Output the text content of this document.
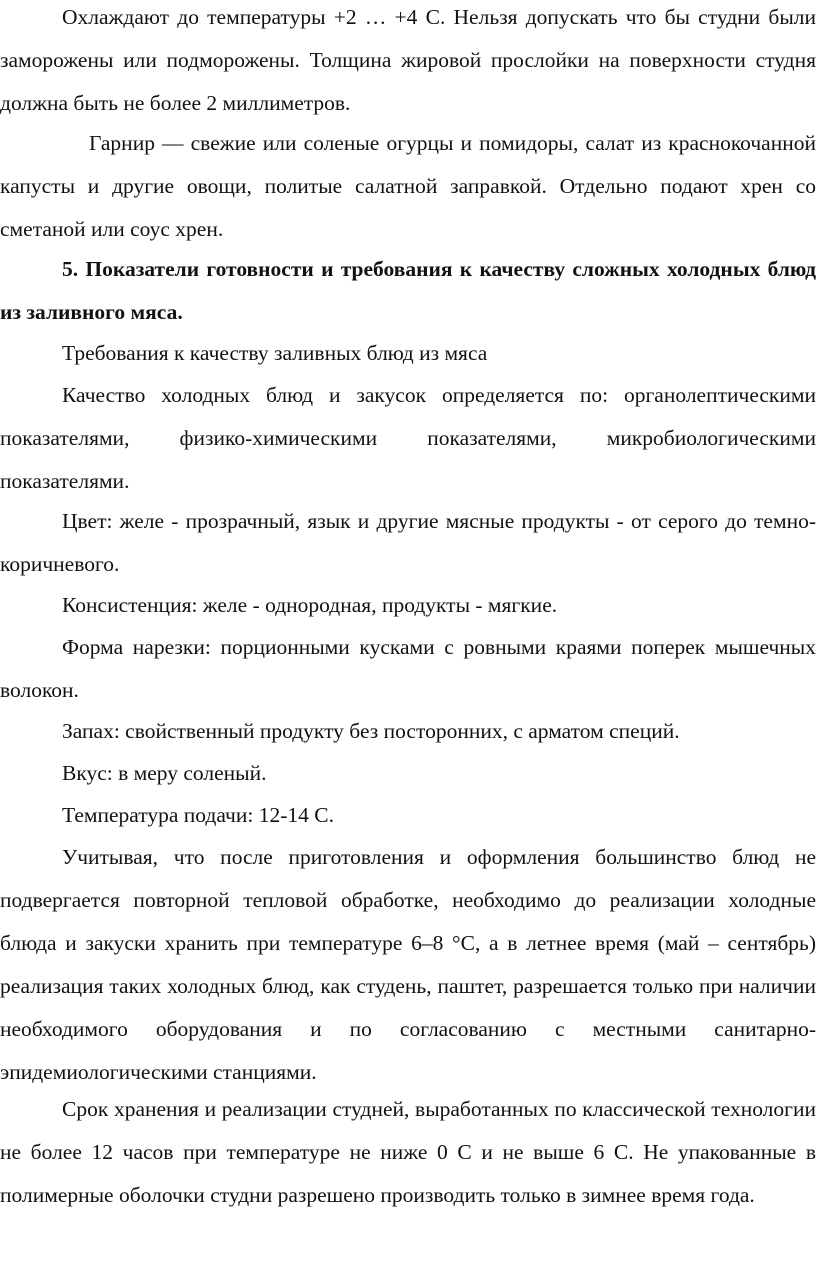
Охлаждают до температуры +2 … +4 С. Нельзя допускать что бы студни были заморожены или подморожены. Толщина жировой прослойки на поверхности студня должна быть не более 2 миллиметров.

Гарнир — свежие или соленые огурцы и помидоры, салат из краснокочанной капусты и другие овощи, политые салатной заправкой. Отдельно подают хрен со сметаной или соус хрен.

5. Показатели готовности и требования к качеству сложных холодных блюд из заливного мяса.

Требования к качеству заливных блюд из мяса

Качество холодных блюд и закусок определяется по: органолептическими показателями, физико-химическими показателями, микробиологическими показателями.

Цвет: желе - прозрачный, язык и другие мясные продукты - от серого до темно-коричневого.

Консистенция: желе - однородная, продукты - мягкие.

Форма нарезки: порционными кусками с ровными краями поперек мышечных волокон.

Запах: свойственный продукту без посторонних, с арматом специй.

Вкус: в меру соленый.

Температура подачи: 12-14 С.

Учитывая, что после приготовления и оформления большинство блюд не подвергается повторной тепловой обработке, необходимо до реализации холодные блюда и закуски хранить при температуре 6–8 °С, а в летнее время (май – сентябрь) реализация таких холодных блюд, как студень, паштет, разрешается только при наличии необходимого оборудования и по согласованию с местными санитарно-эпидемиологическими станциями.

Срок хранения и реализации студней, выработанных по классической технологии не более 12 часов при температуре не ниже 0 С и не выше 6 С. Не упакованные в полимерные оболочки студни разрешено производить только в зимнее время года.
